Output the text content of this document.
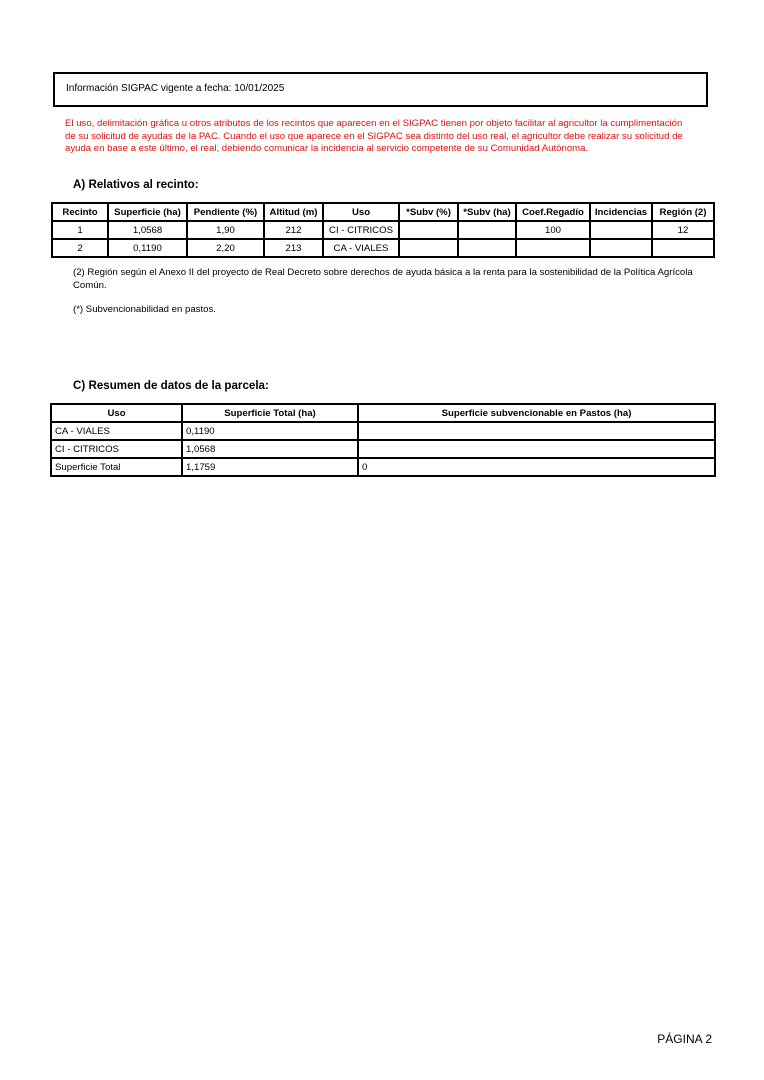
Información SIGPAC vigente a fecha: 10/01/2025
El uso, delimitación gráfica u otros atributos de los recintos que aparecen en el SIGPAC tienen por objeto facilitar al agricultor la cumplimentación de su solicitud de ayudas de la PAC. Cuando el uso que aparece en el SIGPAC sea distinto del uso real, el agricultor debe realizar su solicitud de ayuda en base a este último, el real, debiendo comunicar la incidencia al servicio competente de su Comunidad Autónoma.
A) Relativos al recinto:
Recinto	Superficie (ha)	Pendiente (%)	Altitud (m)	Uso	*Subv (%)	*Subv (ha)	Coef.Regadío	Incidencias	Región (2)
1	1,0568	1,90	212	CI - CITRICOS			100		12
2	0,1190	2,20	213	CA - VIALES					
(2) Región según el Anexo II del proyecto de Real Decreto sobre derechos de ayuda básica a la renta para la sostenibilidad de la Política Agrícola Común.
(*) Subvencionabilidad en pastos.
C) Resumen de datos de la parcela:
Uso	Superficie Total (ha)	Superficie subvencionable en Pastos (ha)
CA - VIALES	0,1190	
CI - CITRICOS	1,0568	
Superficie Total	1,1759	0
PÁGINA 2
